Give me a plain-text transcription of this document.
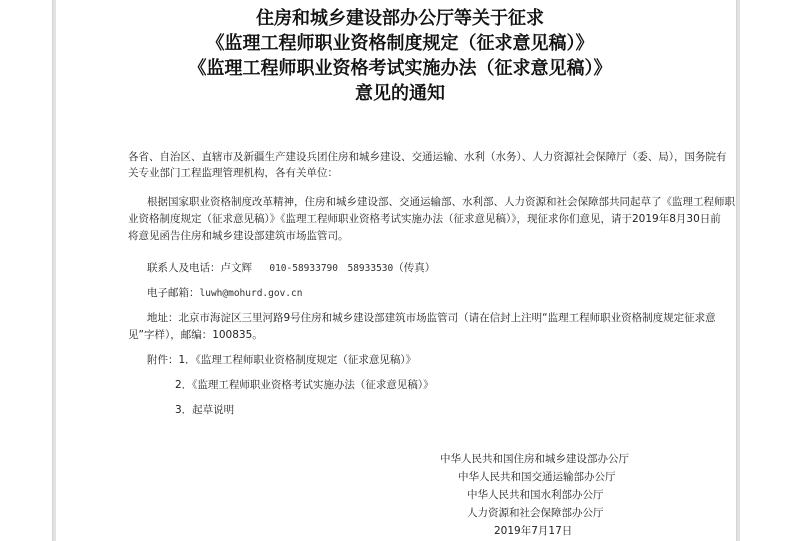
住房和城乡建设部办公厅等关于征求
《监理工程师职业资格制度规定（征求意见稿）》
《监理工程师职业资格考试实施办法（征求意见稿）》
意见的通知
各省、自治区、直辖市及新疆生产建设兵团住房和城乡建设、交通运输、水利（水务）、人力资源社会保障厅（委、局），国务院有
关专业部门工程监理管理机构，各有关单位：
根据国家职业资格制度改革精神，住房和城乡建设部、交通运输部、水利部、人力资源和社会保障部共同起草了《监理工程师职
业资格制度规定（征求意见稿）》《监理工程师职业资格考试实施办法（征求意见稿）》，现征求你们意见，请于2019年8月30日前
将意见函告住房和城乡建设部建筑市场监管司。
联系人及电话：卢文辉 010-58933790　58933530（传真）
电子邮箱：luwh@mohurd.gov.cn
地址：北京市海淀区三里河路9号住房和城乡建设部建筑市场监管司（请在信封上注明“监理工程师职业资格制度规定征求意
见”字样），邮编：100835。
附件：1．《监理工程师职业资格制度规定（征求意见稿）》
2．《监理工程师职业资格考试实施办法（征求意见稿）》
3．起草说明
中华人民共和国住房和城乡建设部办公厅
中华人民共和国交通运输部办公厅
中华人民共和国水利部办公厅
人力资源和社会保障部办公厅
2019年7月17日
